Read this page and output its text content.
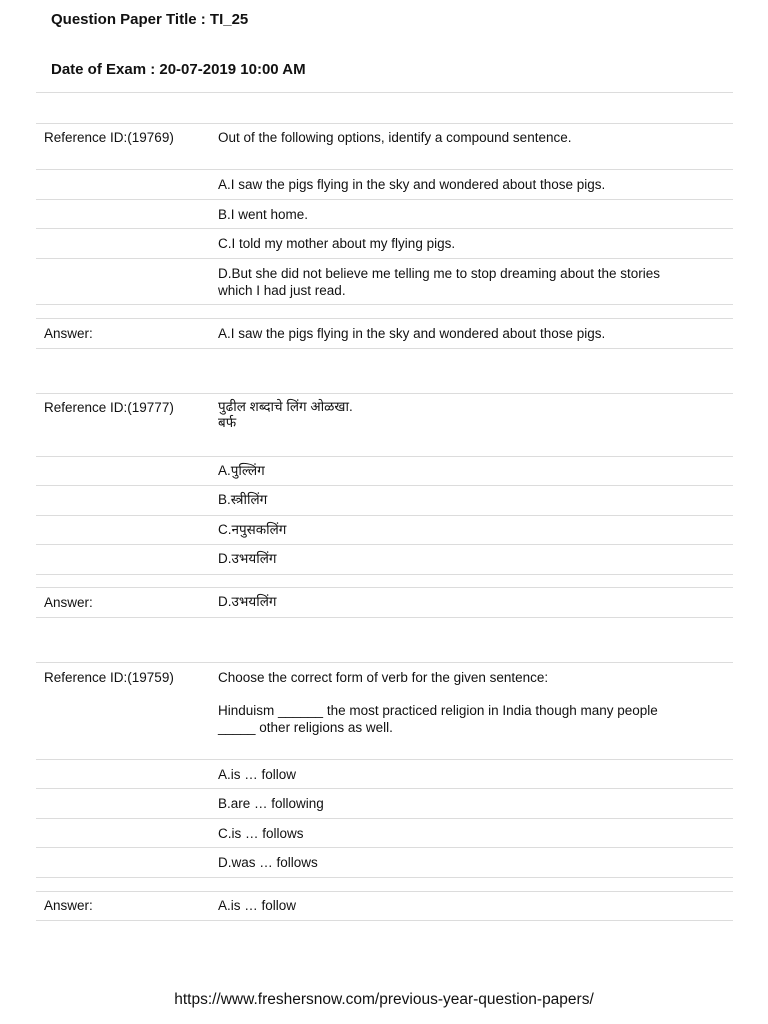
Question Paper Title : TI_25
Date of Exam : 20-07-2019 10:00 AM
Reference ID:(19769)	Out of the following options, identify a compound sentence.
A.I saw the pigs flying in the sky and wondered about those pigs.
B.I went home.
C.I told my mother about my flying pigs.
D.But she did not believe me telling me to stop dreaming about the stories
which I had just read.
Answer:	A.I saw the pigs flying in the sky and wondered about those pigs.
Reference ID:(19777)	पुढील शब्दाचे लिंग ओळखा.
बर्फ
A.पुल्लिंग
B.स्त्रीलिंग
C.नपुसकलिंग
D.उभयलिंग
Answer:	D.उभयलिंग
Reference ID:(19759)	Choose the correct form of verb for the given sentence:
Hinduism ______ the most practiced religion in India though many people
_____ other religions as well.
A.is … follow
B.are … following
C.is … follows
D.was … follows
Answer:	A.is … follow
https://www.freshersnow.com/previous-year-question-papers/
